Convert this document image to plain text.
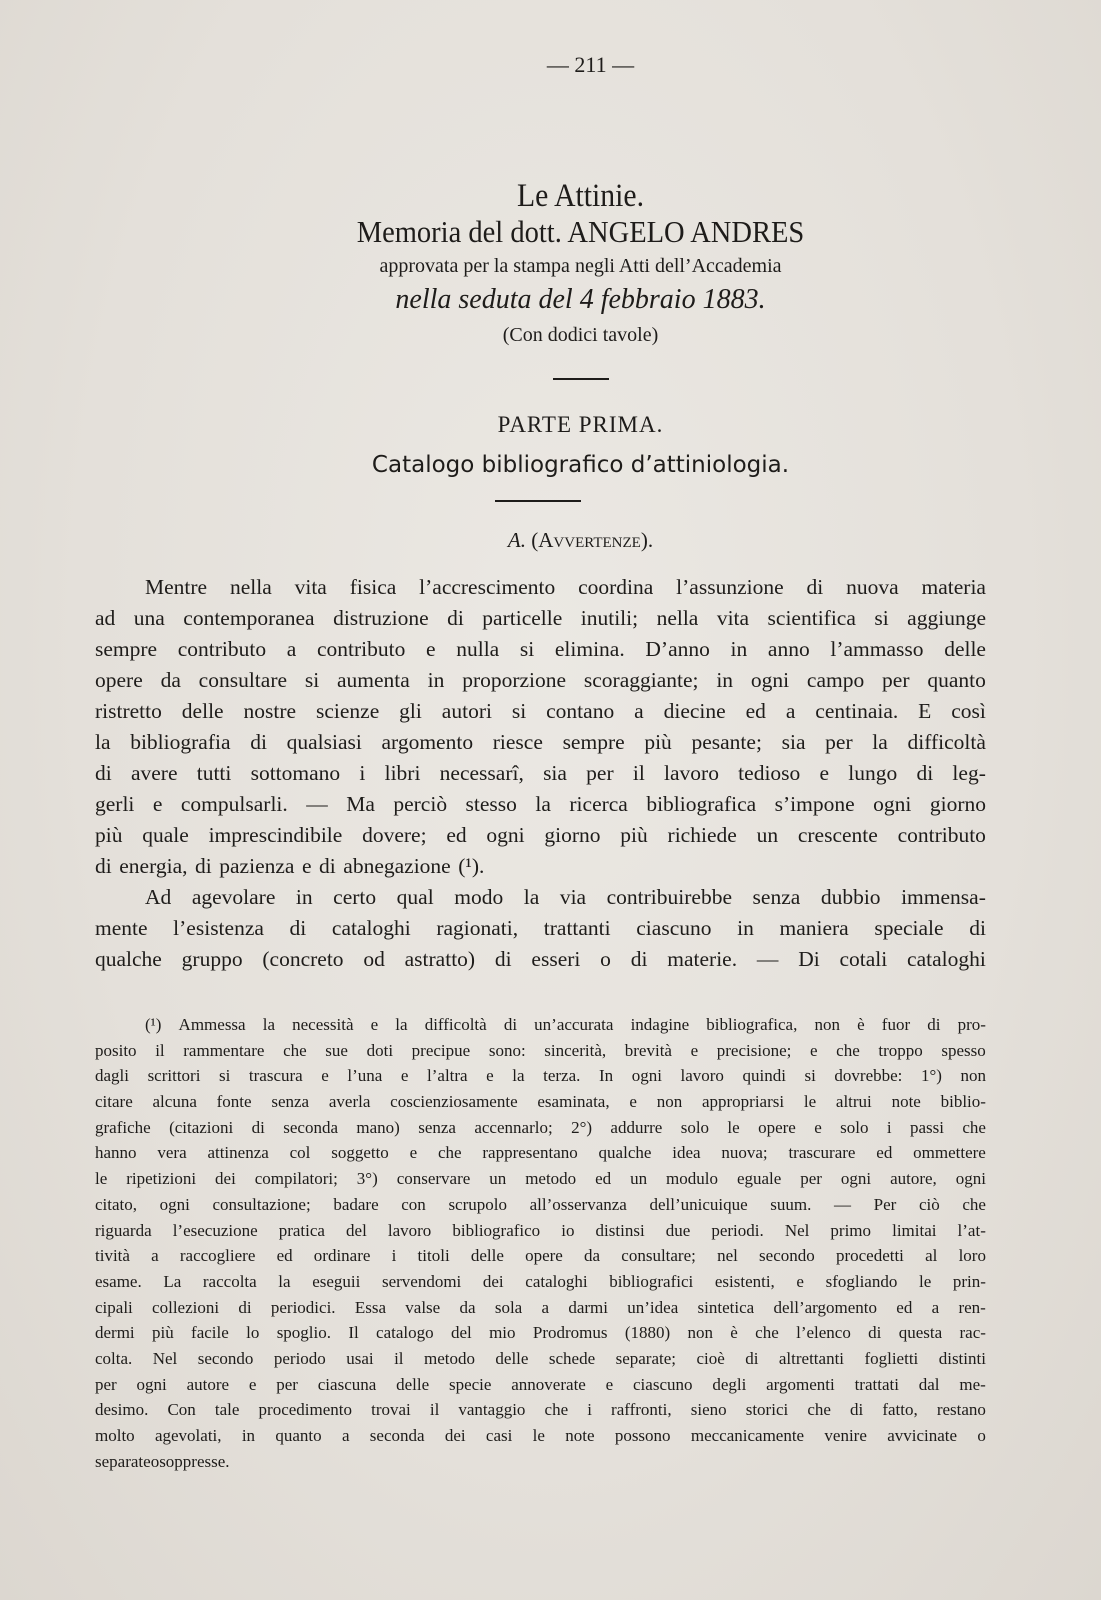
— 211 —
Le Attinie.
Memoria del dott. ANGELO ANDRES
approvata per la stampa negli Atti dell’Accademia
nella seduta del 4 febbraio 1883.
(Con dodici tavole)
PARTE PRIMA.
Catalogo bibliografico d’attiniologia.
A. (Avvertenze).
Mentre nella vita fisica l’accrescimento coordina l’assunzione di nuova materia
ad una contemporanea distruzione di particelle inutili; nella vita scientifica si aggiunge
sempre contributo a contributo e nulla si elimina. D’anno in anno l’ammasso delle
opere da consultare si aumenta in proporzione scoraggiante; in ogni campo per quanto
ristretto delle nostre scienze gli autori si contano a diecine ed a centinaia. E così
la bibliografia di qualsiasi argomento riesce sempre più pesante; sia per la difficoltà
di avere tutti sottomano i libri necessarî, sia per il lavoro tedioso e lungo di leg-
gerli e compulsarli. — Ma perciò stesso la ricerca bibliografica s’impone ogni giorno
più quale imprescindibile dovere; ed ogni giorno più richiede un crescente contributo
di energia, di pazienza e di abnegazione (¹).
Ad agevolare in certo qual modo la via contribuirebbe senza dubbio immensa-
mente l’esistenza di cataloghi ragionati, trattanti ciascuno in maniera speciale di
qualche gruppo (concreto od astratto) di esseri o di materie. — Di cotali cataloghi
(¹) Ammessa la necessità e la difficoltà di un’accurata indagine bibliografica, non è fuor di pro-
posito il rammentare che sue doti precipue sono: sincerità, brevità e precisione; e che troppo spesso
dagli scrittori si trascura e l’una e l’altra e la terza. In ogni lavoro quindi si dovrebbe: 1°) non
citare alcuna fonte senza averla coscienziosamente esaminata, e non appropriarsi le altrui note biblio-
grafiche (citazioni di seconda mano) senza accennarlo; 2°) addurre solo le opere e solo i passi che
hanno vera attinenza col soggetto e che rappresentano qualche idea nuova; trascurare ed ommettere
le ripetizioni dei compilatori; 3°) conservare un metodo ed un modulo eguale per ogni autore, ogni
citato, ogni consultazione; badare con scrupolo all’osservanza dell’unicuique suum. — Per ciò che
riguarda l’esecuzione pratica del lavoro bibliografico io distinsi due periodi. Nel primo limitai l’at-
tività a raccogliere ed ordinare i titoli delle opere da consultare; nel secondo procedetti al loro
esame. La raccolta la eseguii servendomi dei cataloghi bibliografici esistenti, e sfogliando le prin-
cipali collezioni di periodici. Essa valse da sola a darmi un’idea sintetica dell’argomento ed a ren-
dermi più facile lo spoglio. Il catalogo del mio Prodromus (1880) non è che l’elenco di questa rac-
colta. Nel secondo periodo usai il metodo delle schede separate; cioè di altrettanti foglietti distinti
per ogni autore e per ciascuna delle specie annoverate e ciascuno degli argomenti trattati dal me-
desimo. Con tale procedimento trovai il vantaggio che i raffronti, sieno storici che di fatto, restano
molto agevolati, in quanto a seconda dei casi le note possono meccanicamente venire avvicinate o
separate o soppresse.
